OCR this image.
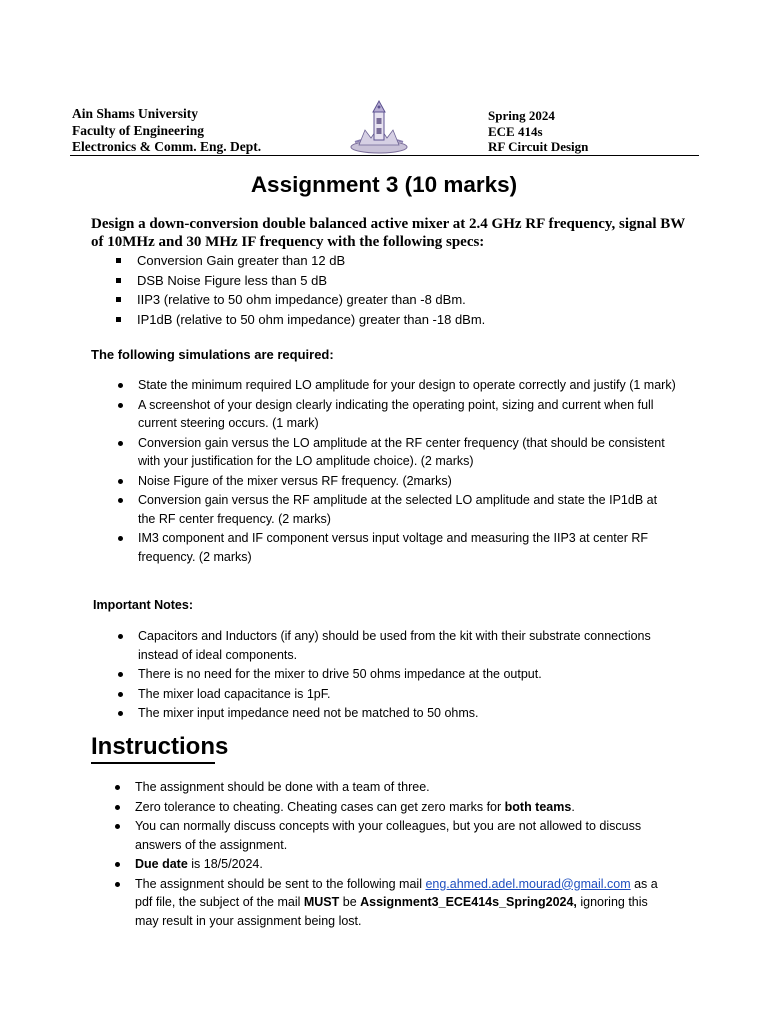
Ain Shams University
Faculty of Engineering
Electronics & Comm. Eng. Dept.
Spring 2024
ECE 414s
RF Circuit Design
Assignment 3 (10 marks)
Design a down-conversion double balanced active mixer at 2.4 GHz RF frequency, signal BW of 10MHz and 30 MHz IF frequency with the following specs:
Conversion Gain greater than 12 dB
DSB Noise Figure less than 5 dB
IIP3 (relative to 50 ohm impedance) greater than -8 dBm.
IP1dB (relative to 50 ohm impedance) greater than -18 dBm.
The following simulations are required:
State the minimum required LO amplitude for your design to operate correctly and justify (1 mark)
A screenshot of your design clearly indicating the operating point, sizing and current when full current steering occurs. (1 mark)
Conversion gain versus the LO amplitude at the RF center frequency (that should be consistent with your justification for the LO amplitude choice). (2 marks)
Noise Figure of the mixer versus RF frequency. (2marks)
Conversion gain versus the RF amplitude at the selected LO amplitude and state the IP1dB at the RF center frequency. (2 marks)
IM3 component and IF component versus input voltage and measuring the IIP3 at center RF frequency. (2 marks)
Important Notes:
Capacitors and Inductors (if any) should be used from the kit with their substrate connections instead of ideal components.
There is no need for the mixer to drive 50 ohms impedance at the output.
The mixer load capacitance is 1pF.
The mixer input impedance need not be matched to 50 ohms.
Instructions
The assignment should be done with a team of three.
Zero tolerance to cheating. Cheating cases can get zero marks for both teams.
You can normally discuss concepts with your colleagues, but you are not allowed to discuss answers of the assignment.
Due date is 18/5/2024.
The assignment should be sent to the following mail eng.ahmed.adel.mourad@gmail.com as a pdf file, the subject of the mail MUST be Assignment3_ECE414s_Spring2024, ignoring this may result in your assignment being lost.
